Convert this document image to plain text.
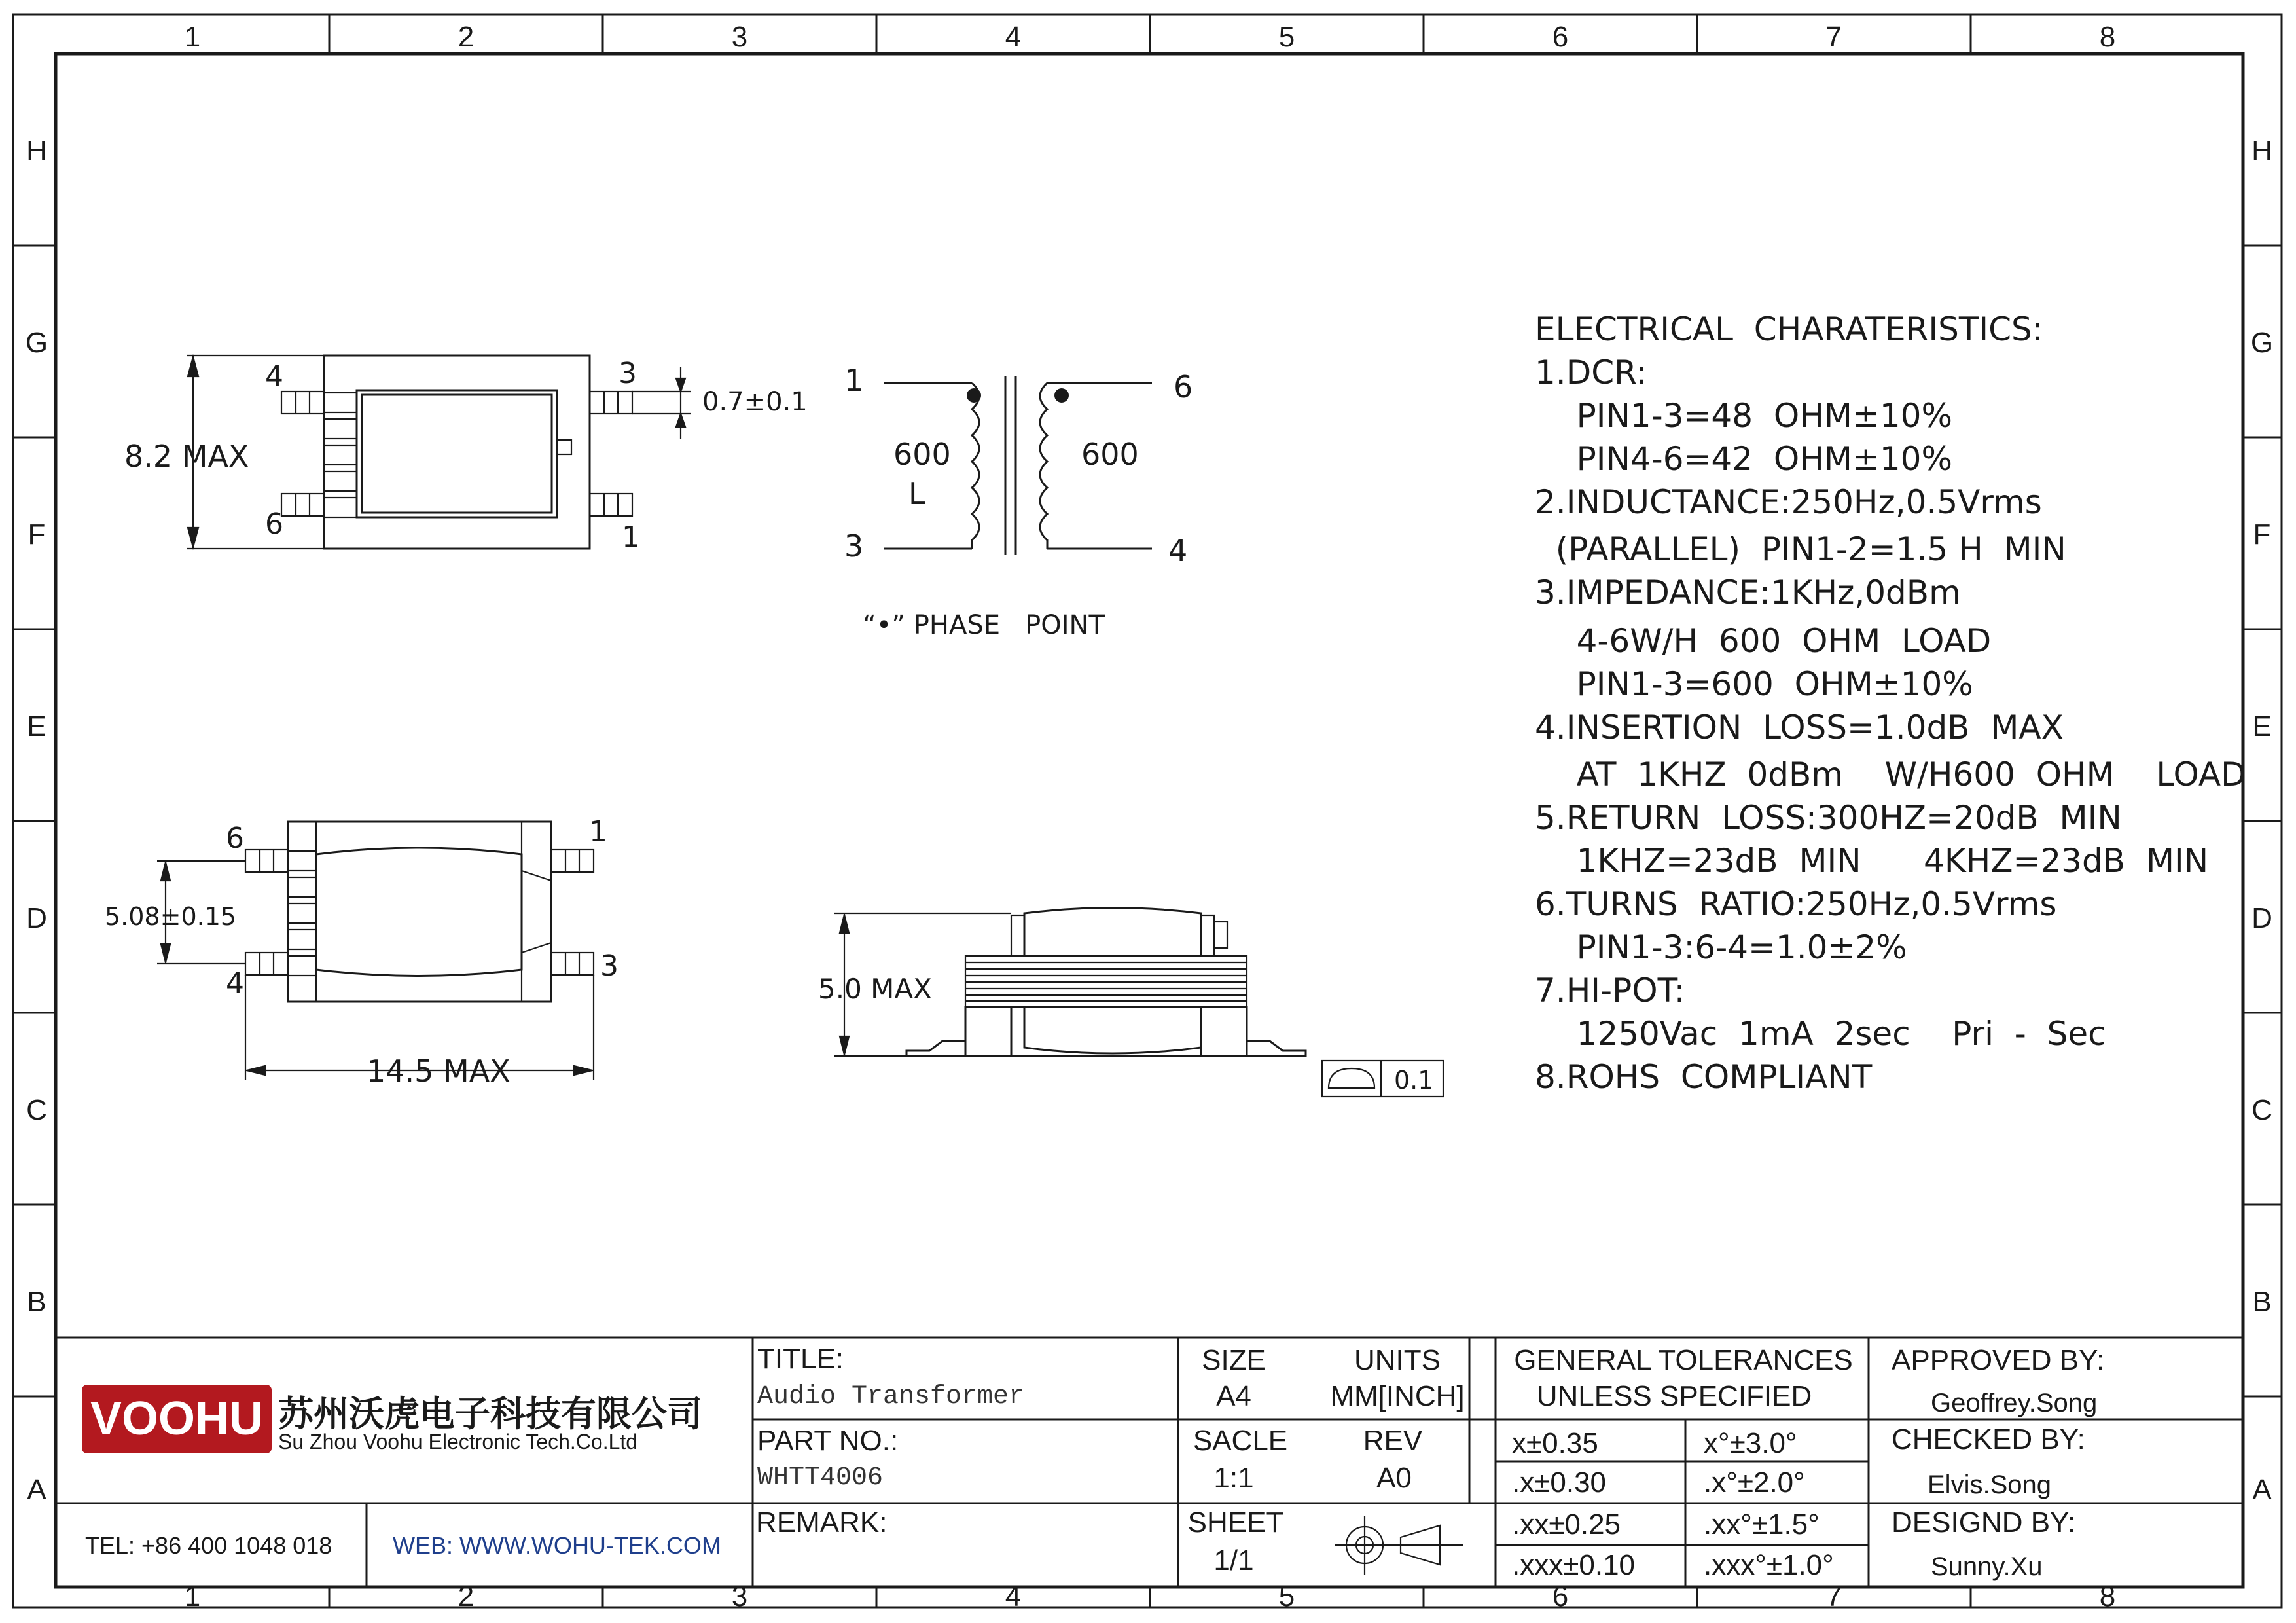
1	2	3	4	5	6	7	8
1	2	3	4	5	6	7	8
H
G
F
E
D
C
B
A
H
G
F
E
D
C
B
A
8.2 MAX
0.7±0.1
4	3
6	1
1
3
6
4
600
L
600
“•” PHASE   POINT
5.08±0.15
14.5 MAX
6	1
4
3
5.0 MAX
0.1
ELECTRICAL  CHARATERISTICS:
1.DCR:
PIN1-3=48  OHM±10%
PIN4-6=42  OHM±10%
2.INDUCTANCE:250Hz,0.5Vrms
(PARALLEL)  PIN1-2=1.5 H  MIN
3.IMPEDANCE:1KHz,0dBm
4-6W/H  600  OHM  LOAD
PIN1-3=600  OHM±10%
4.INSERTION  LOSS=1.0dB  MAX
AT  1KHZ  0dBm    W/H600  OHM    LOAD
5.RETURN  LOSS:300HZ=20dB  MIN
1KHZ=23dB  MIN      4KHZ=23dB  MIN
6.TURNS  RATIO:250Hz,0.5Vrms
PIN1-3:6-4=1.0±2%
7.HI-POT:
1250Vac  1mA  2sec    Pri  -  Sec
8.ROHS  COMPLIANT
VOOHU 苏州沃虎电子科技有限公司
Su Zhou Voohu Electronic Tech.Co.Ltd
TEL: +86 400 1048 018	WEB: WWW.WOHU-TEK.COM
TITLE:
Audio Transformer
PART NO.:
WHTT4006
REMARK:
SIZE
A4
UNITS
MM[INCH]
SACLE
1:1
REV
A0
SHEET
1/1
GENERAL TOLERANCES
UNLESS SPECIFIED
x±0.35	x°±3.0°
.x±0.30	.x°±2.0°
.xx±0.25	.xx°±1.5°
.xxx±0.10 .xxx°±1.0°
APPROVED BY:
Geoffrey.Song
CHECKED BY:
Elvis.Song
DESIGND BY:
Sunny.Xu
